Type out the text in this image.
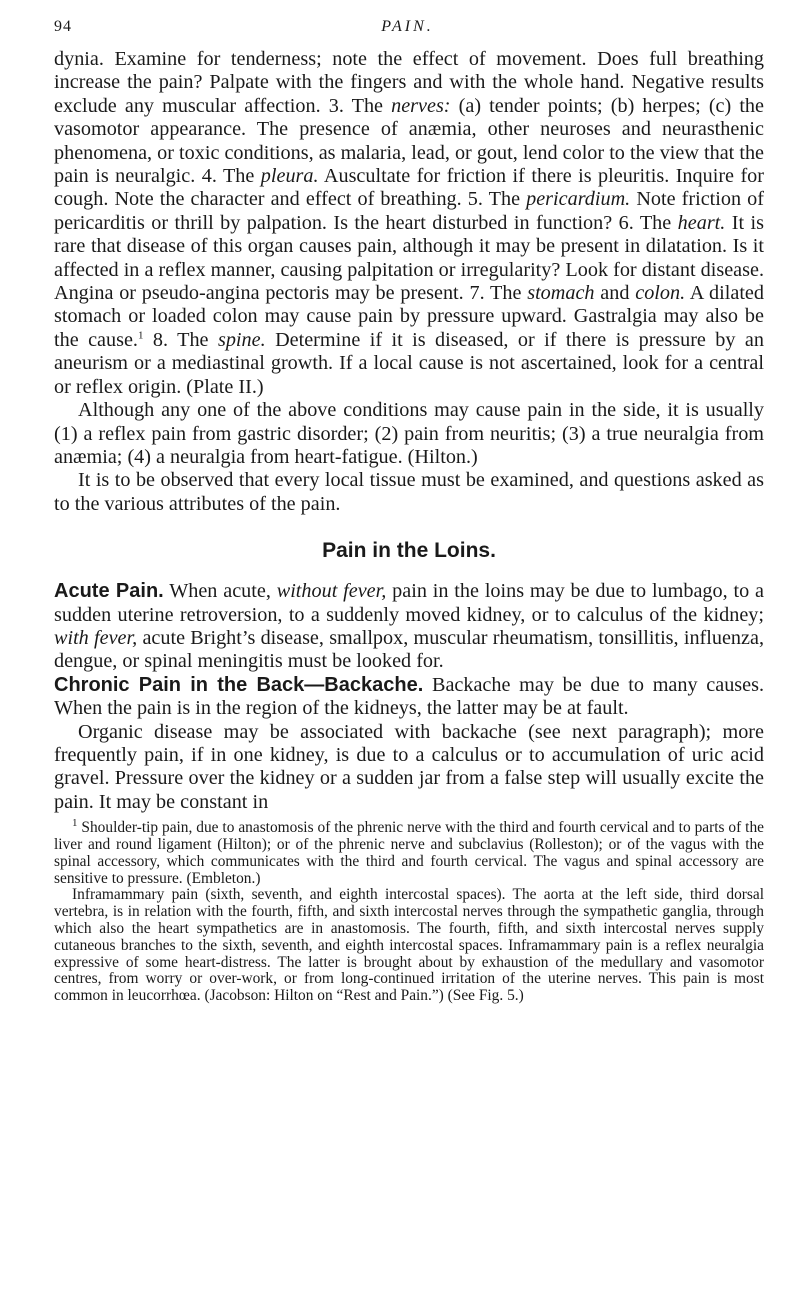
94	PAIN.

dynia. Examine for tenderness; note the effect of movement. Does full breathing increase the pain? Palpate with the fingers and with the whole hand. Negative results exclude any muscular affection. 3. The nerves: (a) tender points; (b) herpes; (c) the vasomotor appearance. The presence of anæmia, other neuroses and neurasthenic phenomena, or toxic conditions, as malaria, lead, or gout, lend color to the view that the pain is neuralgic. 4. The pleura. Auscultate for friction if there is pleuritis. Inquire for cough. Note the character and effect of breathing. 5. The pericardium. Note friction of pericarditis or thrill by palpation. Is the heart disturbed in function? 6. The heart. It is rare that disease of this organ causes pain, although it may be present in dilatation. Is it affected in a reflex manner, causing palpitation or irregularity? Look for distant disease. Angina or pseudo-angina pectoris may be present. 7. The stomach and colon. A dilated stomach or loaded colon may cause pain by pressure upward. Gastralgia may also be the cause.$^1$ 8. The spine. Determine if it is diseased, or if there is pressure by an aneurism or a mediastinal growth. If a local cause is not ascertained, look for a central or reflex origin. (Plate II.)

Although any one of the above conditions may cause pain in the side, it is usually (1) a reflex pain from gastric disorder; (2) pain from neuritis; (3) a true neuralgia from anæmia; (4) a neuralgia from heart-fatigue. (Hilton.)

It is to be observed that every local tissue must be examined, and questions asked as to the various attributes of the pain.

Pain in the Loins.

Acute Pain. When acute, without fever, pain in the loins may be due to lumbago, to a sudden uterine retroversion, to a suddenly moved kidney, or to calculus of the kidney; with fever, acute Bright’s disease, smallpox, muscular rheumatism, tonsillitis, influenza, dengue, or spinal meningitis must be looked for.

Chronic Pain in the Back—Backache. Backache may be due to many causes. When the pain is in the region of the kidneys, the latter may be at fault.

Organic disease may be associated with backache (see next paragraph); more frequently pain, if in one kidney, is due to a calculus or to accumulation of uric acid gravel. Pressure over the kidney or a sudden jar from a false step will usually excite the pain. It may be constant in

$^1$ Shoulder-tip pain, due to anastomosis of the phrenic nerve with the third and fourth cervical and to parts of the liver and round ligament (Hilton); or of the phrenic nerve and subclavius (Rolleston); or of the vagus with the spinal accessory, which communicates with the third and fourth cervical. The vagus and spinal accessory are sensitive to pressure. (Embleton.)

Inframammary pain (sixth, seventh, and eighth intercostal spaces). The aorta at the left side, third dorsal vertebra, is in relation with the fourth, fifth, and sixth intercostal nerves through the sympathetic ganglia, through which also the heart sympathetics are in anastomosis. The fourth, fifth, and sixth intercostal nerves supply cutaneous branches to the sixth, seventh, and eighth intercostal spaces. Inframammary pain is a reflex neuralgia expressive of some heart-distress. The latter is brought about by exhaustion of the medullary and vasomotor centres, from worry or over-work, or from long-continued irritation of the uterine nerves. This pain is most common in leucorrhœa. (Jacobson: Hilton on “Rest and Pain.”) (See Fig. 5.)
